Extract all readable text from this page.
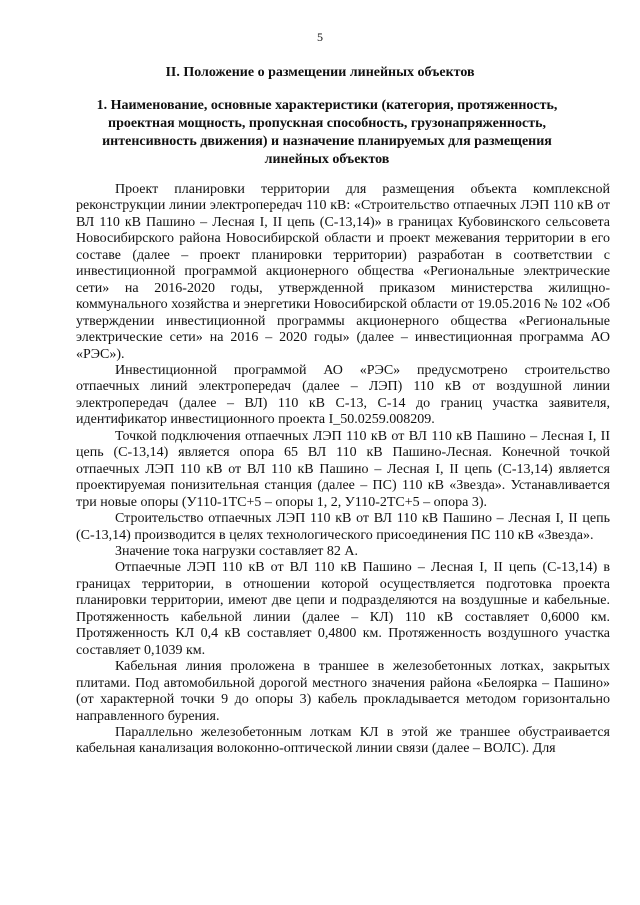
5
II. Положение о размещении линейных объектов
1. Наименование, основные характеристики (категория, протяженность, проектная мощность, пропускная способность, грузонапряженность, интенсивность движения) и назначение планируемых для размещения линейных объектов

Проект планировки территории для размещения объекта комплексной реконструкции линии электропередач 110 кВ: «Строительство отпаечных ЛЭП 110 кВ от ВЛ 110 кВ Пашино – Лесная I, II цепь (С-13,14)» в границах Кубовинского сельсовета Новосибирского района Новосибирской области и проект межевания территории в его составе (далее – проект планировки территории) разработан в соответствии с инвестиционной программой акционерного общества «Региональные электрические сети» на 2016-2020 годы, утвержденной приказом министерства жилищно-коммунального хозяйства и энергетики Новосибирской области от 19.05.2016 № 102 «Об утверждении инвестиционной программы акционерного общества «Региональные электрические сети» на 2016 – 2020 годы» (далее – инвестиционная программа АО «РЭС»).

Инвестиционной программой АО «РЭС» предусмотрено строительство отпаечных линий электропередач (далее – ЛЭП) 110 кВ от воздушной линии электропередач (далее – ВЛ) 110 кВ С-13, С-14 до границ участка заявителя, идентификатор инвестиционного проекта I_50.0259.008209.

Точкой подключения отпаечных ЛЭП 110 кВ от ВЛ 110 кВ Пашино – Лесная I, II цепь (С-13,14) является опора 65 ВЛ 110 кВ Пашино-Лесная. Конечной точкой отпаечных ЛЭП 110 кВ от ВЛ 110 кВ Пашино – Лесная I, II цепь (С-13,14) является проектируемая понизительная станция (далее – ПС) 110 кВ «Звезда». Устанавливается три новые опоры (У110-1ТС+5 – опоры 1, 2, У110-2ТС+5 – опора 3).

Строительство отпаечных ЛЭП 110 кВ от ВЛ 110 кВ Пашино – Лесная I, II цепь (С-13,14) производится в целях технологического присоединения ПС 110 кВ «Звезда».

Значение тока нагрузки составляет 82 А.

Отпаечные ЛЭП 110 кВ от ВЛ 110 кВ Пашино – Лесная I, II цепь (С-13,14) в границах территории, в отношении которой осуществляется подготовка проекта планировки территории, имеют две цепи и подразделяются на воздушные и кабельные. Протяженность кабельной линии (далее – КЛ) 110 кВ составляет 0,6000 км. Протяженность КЛ 0,4 кВ составляет 0,4800 км. Протяженность воздушного участка составляет 0,1039 км.

Кабельная линия проложена в траншее в железобетонных лотках, закрытых плитами. Под автомобильной дорогой местного значения района «Белоярка – Пашино» (от характерной точки 9 до опоры 3) кабель прокладывается методом горизонтально направленного бурения.

Параллельно железобетонным лоткам КЛ в этой же траншее обустраивается кабельная канализация волоконно-оптической линии связи (далее – ВОЛС). Для
